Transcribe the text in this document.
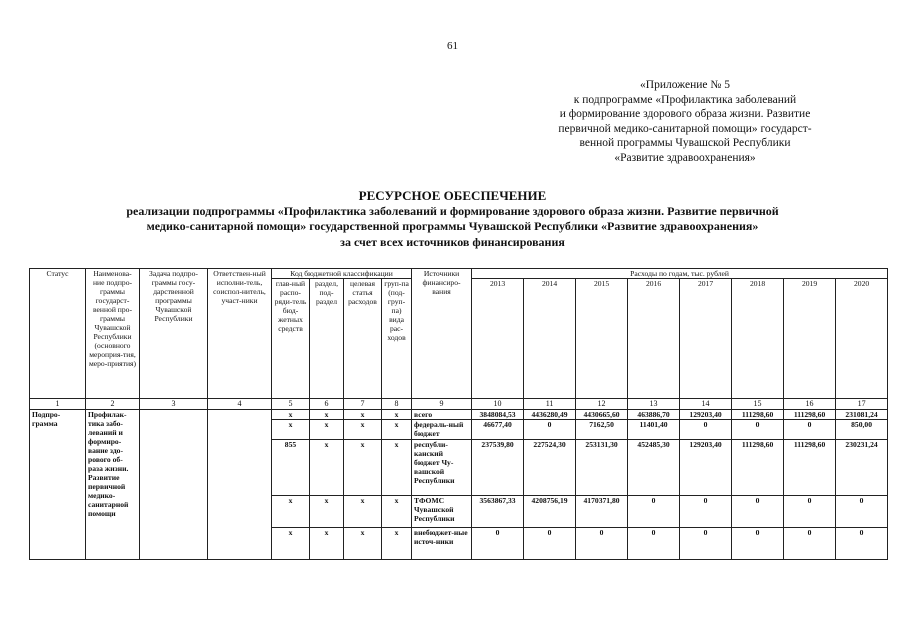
61
«Приложение № 5
к подпрограмме «Профилактика заболеваний
и формирование здорового образа жизни. Развитие
первичной медико-санитарной помощи» государст-
венной программы Чувашской Республики
«Развитие здравоохранения»
РЕСУРСНОЕ ОБЕСПЕЧЕНИЕ
реализации подпрограммы «Профилактика заболеваний и формирование здорового образа жизни. Развитие первичной
медико-санитарной помощи» государственной программы Чувашской Республики «Развитие здравоохранения»
за счет всех источников финансирования
Статус	Наименова-ние подпро-граммы государст-венной про-граммы Чувашской Республики (основного мероприя-тия, меро-приятия)	Задача подпро-граммы госу-дарственной программы Чувашской Республики	Ответствен-ный исполни-тель, соиспол-нитель, участ-ники	Код бюджетной классификации				Источники финансиро-вания	Расходы по годам, тыс. рублей							
				глав-ный распо-ряди-тель бюд-жетных средств	раздел, под-раздел	целевая статья расходов	груп-па (под-груп-па) вида рас-ходов		2013	2014	2015	2016	2017	2018	2019	2020
1	2	3	4	5	6	7	8	9	10	11	12	13	14	15	16	17
Подпро-грамма	Профилак-тика забо-леваний и формиро-вание здо-рового об-раза жизни. Развитие первичной медико-санитарной помощи			x	x	x	x	всего	3848084,53	4436280,49	4430665,60	463886,70	129203,40	111298,60	111298,60	231081,24
				x	x	x	x	федераль-ный бюджет	46677,40	0	7162,50	11401,40	0	0	0	850,00
				855	x	x	x	республи-канский бюджет Чу-вашской Республики	237539,80	227524,30	253131,30	452485,30	129203,40	111298,60	111298,60	230231,24
				x	x	x	x	ТФОМС Чувашской Республики	3563867,33	4208756,19	4170371,80	0	0	0	0	0
				x	x	x	x	внебюджет-ные источ-ники	0	0	0	0	0	0	0	0
